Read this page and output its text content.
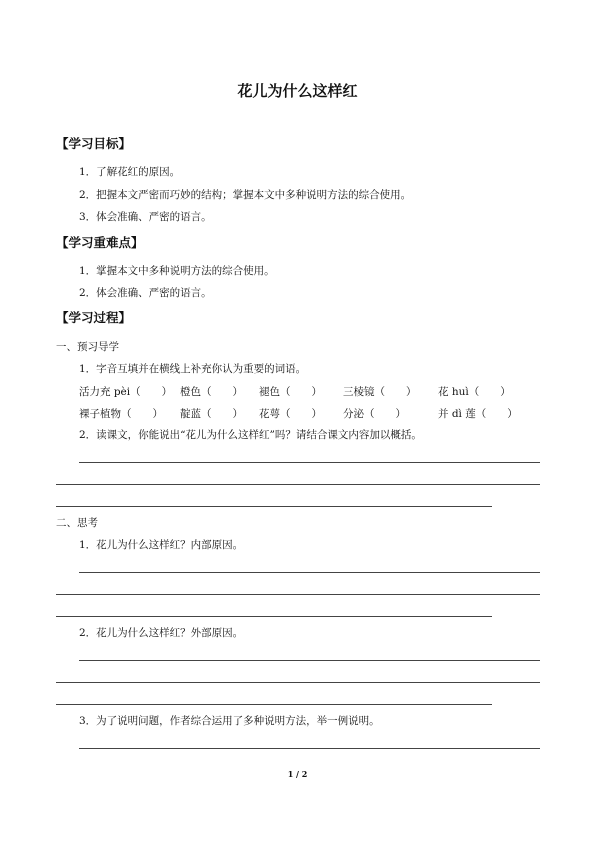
花儿为什么这样红
【学习目标】
1．了解花红的原因。
2．把握本文严密而巧妙的结构；掌握本文中多种说明方法的综合使用。
3．体会准确、严密的语言。
【学习重难点】
1．掌握本文中多种说明方法的综合使用。
2．体会准确、严密的语言。
【学习过程】
一、预习导学
1．字音互填并在横线上补充你认为重要的词语。
活力充 pèi（　　） 橙色（　　） 褪色（　　） 三棱镜（　　） 花 huì（　　）
裸子植物（　　） 靛蓝（　　） 花萼（　　） 分泌（　　）	并 dì 莲（　　）
2．读课文，你能说出“花儿为什么这样红”吗？请结合课文内容加以概括。
二、思考
1．花儿为什么这样红？内部原因。
2．花儿为什么这样红？外部原因。
3．为了说明问题，作者综合运用了多种说明方法，举一例说明。
1 / 2
